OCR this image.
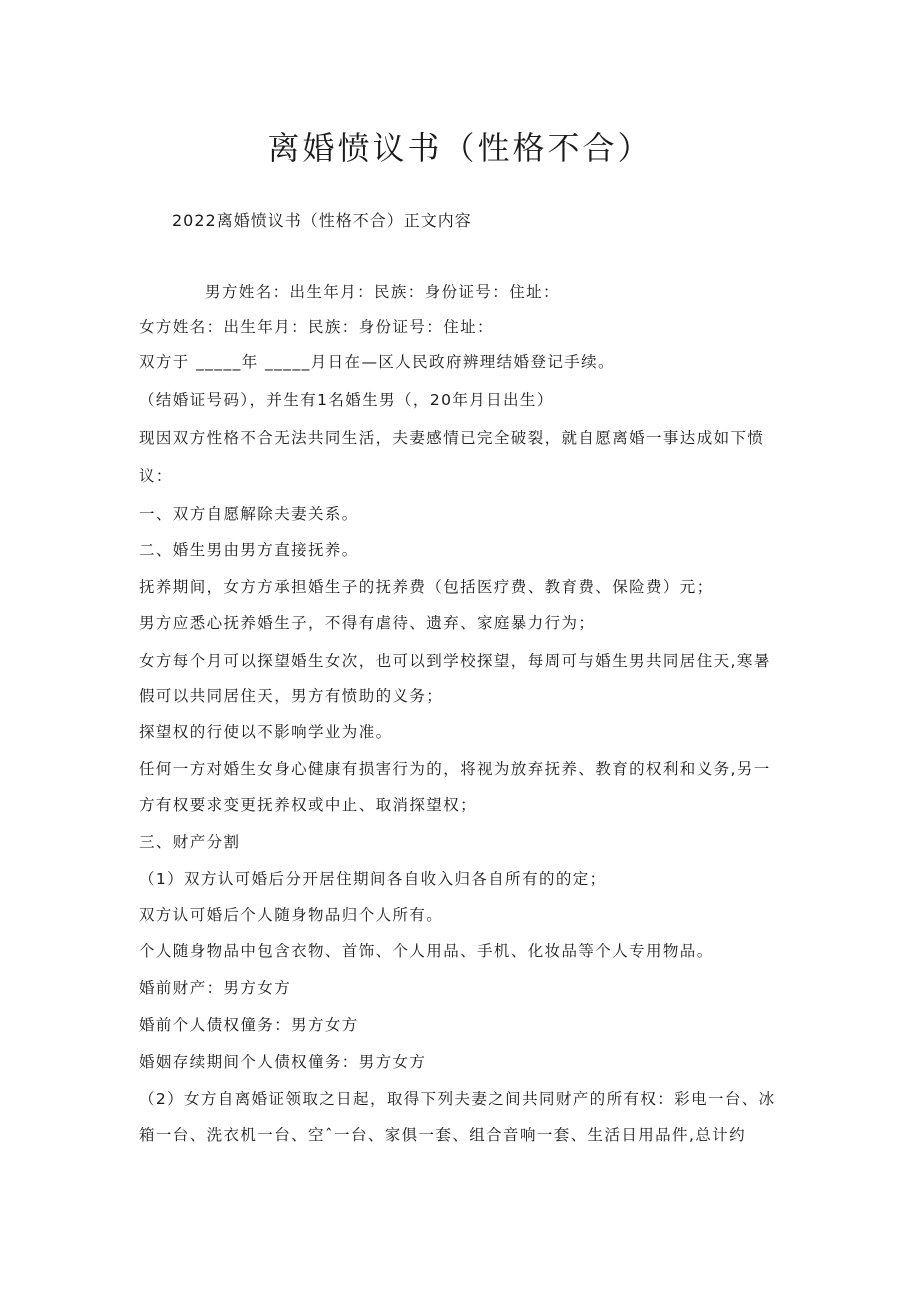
离婚愤议书（性格不合）
2022离婚愤议书（性格不合）正文内容
男方姓名：出生年月：民族：身份证号：住址：
女方姓名：出生年月：民族：身份证号：住址：
双方于 _____年 _____月日在—区人民政府辨理结婚登记手续。
（结婚证号码），并生有1名婚生男（，20年月日出生）
现因双方性格不合无法共同生活，夫妻感情已完全破裂，就自愿离婚一事达成如下愤
议：
一、双方自愿解除夫妻关系。
二、婚生男由男方直接抚养。
抚养期间，女方方承担婚生子的抚养费（包括医疗费、教育费、保险费）元；
男方应悉心抚养婚生子，不得有虐待、遗弃、家庭暴力行为；
女方每个月可以探望婚生女次，也可以到学校探望，每周可与婚生男共同居住天,寒暑
假可以共同居住天，男方有愤助的义务；
探望权的行使以不影响学业为准。
任何一方对婚生女身心健康有损害行为的，将视为放弃抚养、教育的权利和义务,另一
方有权要求变更抚养权或中止、取消探望权；
三、财产分割
（1）双方认可婚后分开居住期间各自收入归各自所有的的定；
双方认可婚后个人随身物品归个人所有。
个人随身物品中包含衣物、首饰、个人用品、手机、化妆品等个人专用物品。
婚前财产：男方女方
婚前个人债权僮务：男方女方
婚姻存续期间个人债权僮务：男方女方
（2）女方自离婚证领取之日起，取得下列夫妻之间共同财产的所有权：彩电一台、冰
箱一台、洗衣机一台、空ˆ一台、家俱一套、组合音响一套、生活日用品件,总计约
